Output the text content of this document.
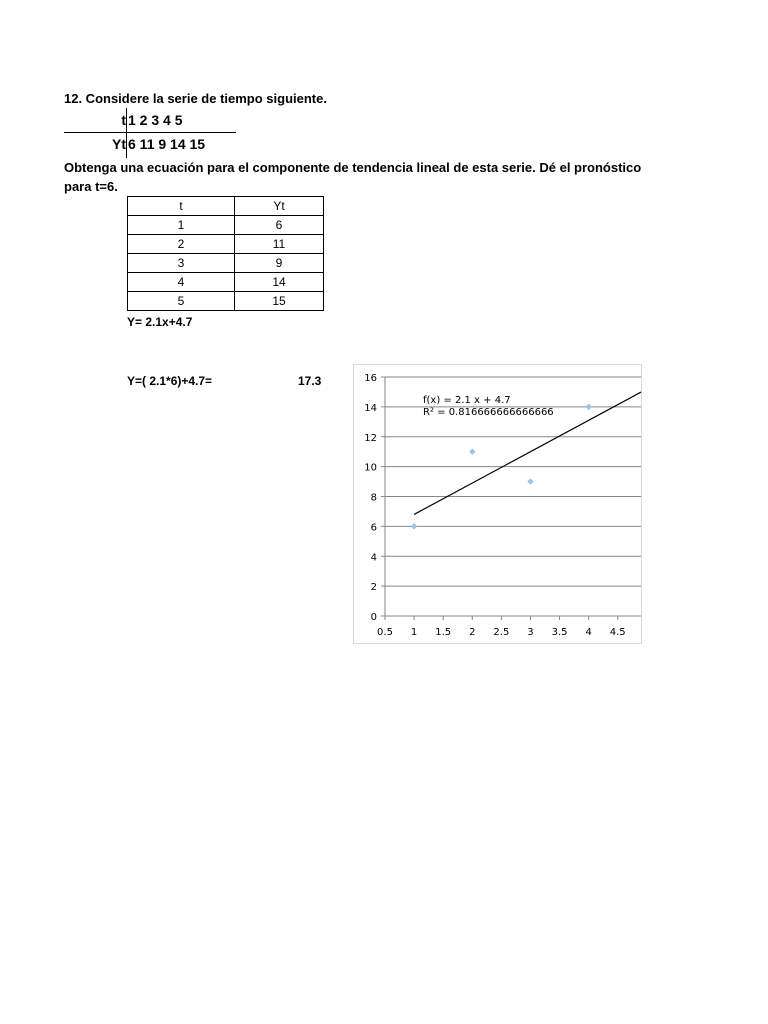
12. Considere la serie de tiempo siguiente.
t 1 2 3 4 5
Yt 6 11 9 14 15
Obtenga una ecuación para el componente de tendencia lineal de esta serie. Dé el pronóstico para t=6.
t	Yt
1	6
2	11
3	9
4	14
5	15
Y= 2.1x+4.7
Y=( 2.1*6)+4.7=	17.3
0
2
4
6
8
10
12
14
16
0.5 1 1.5 2 2.5 3 3.5 4 4.5
f(x) = 2.1 x + 4.7
R² = 0.816666666666666
